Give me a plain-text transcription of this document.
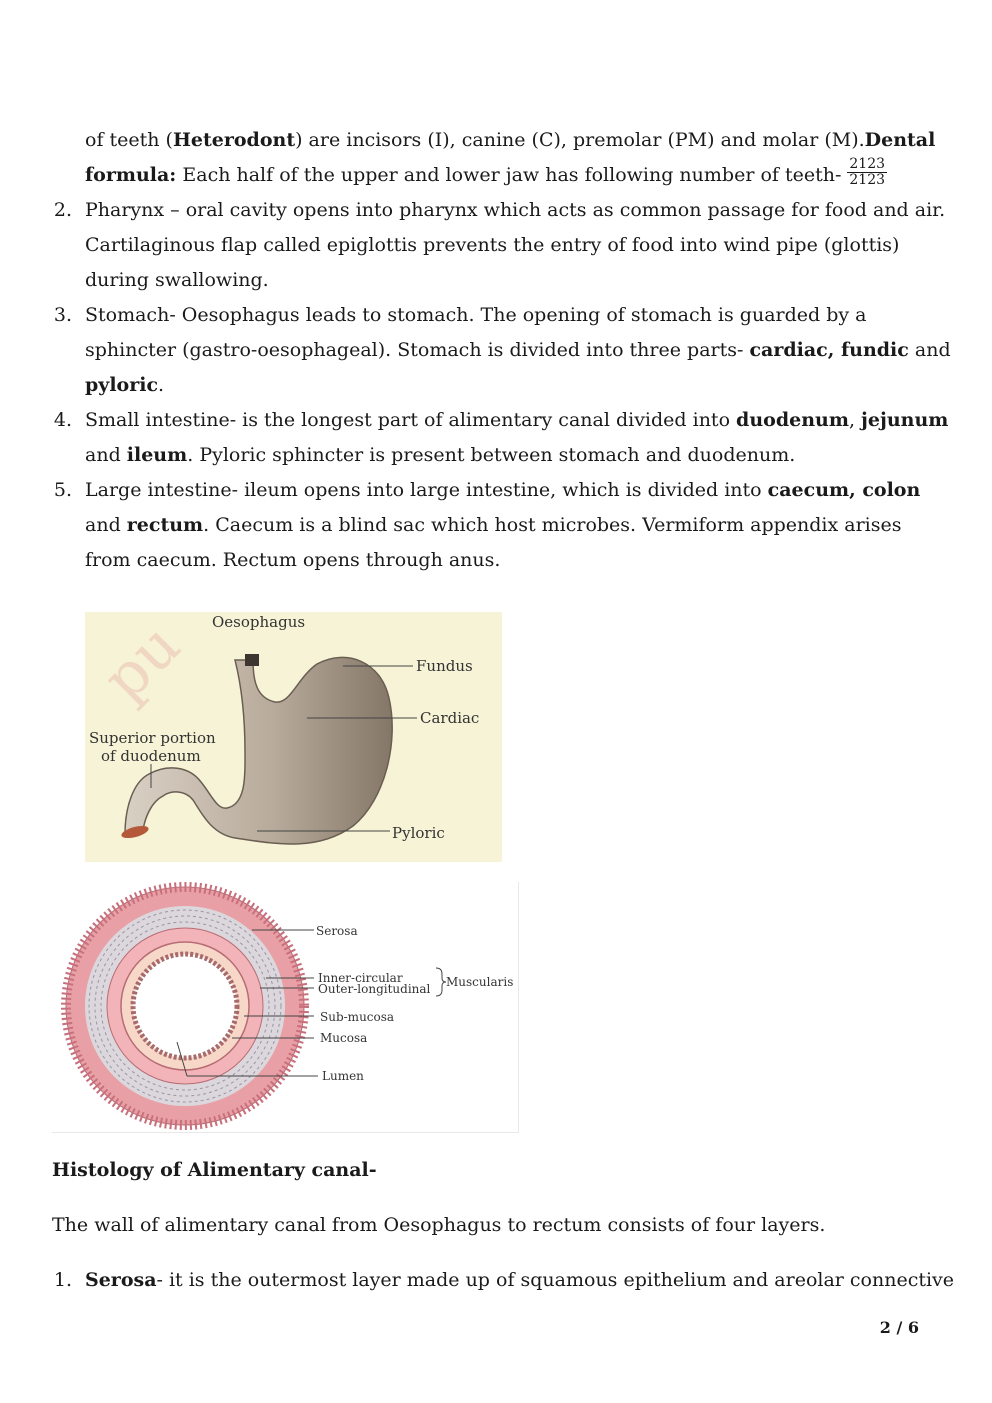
of teeth (Heterodont) are incisors (I), canine (C), premolar (PM) and molar (M).Dental
formula: Each half of the upper and lower jaw has following number of teeth- $\frac{2123}{2123}$
2. Pharynx – oral cavity opens into pharynx which acts as common passage for food and air.
Cartilaginous flap called epiglottis prevents the entry of food into wind pipe (glottis)
during swallowing.
3. Stomach- Oesophagus leads to stomach. The opening of stomach is guarded by a
sphincter (gastro-oesophageal). Stomach is divided into three parts- cardiac, fundic and
pyloric.
4. Small intestine- is the longest part of alimentary canal divided into duodenum, jejunum
and ileum. Pyloric sphincter is present between stomach and duodenum.
5. Large intestine- ileum opens into large intestine, which is divided into caecum, colon
and rectum. Caecum is a blind sac which host microbes. Vermiform appendix arises
from caecum. Rectum opens through anus.
pu Oesophagus
Fundus
Cardiac
Superior portion
of duodenum
Pyloric
Serosa
Inner-circular
Outer-longitudinal Muscularis
Sub-mucosa
Mucosa
Lumen
Histology of Alimentary canal-
The wall of alimentary canal from Oesophagus to rectum consists of four layers.
1. Serosa- it is the outermost layer made up of squamous epithelium and areolar connective
2 / 6
